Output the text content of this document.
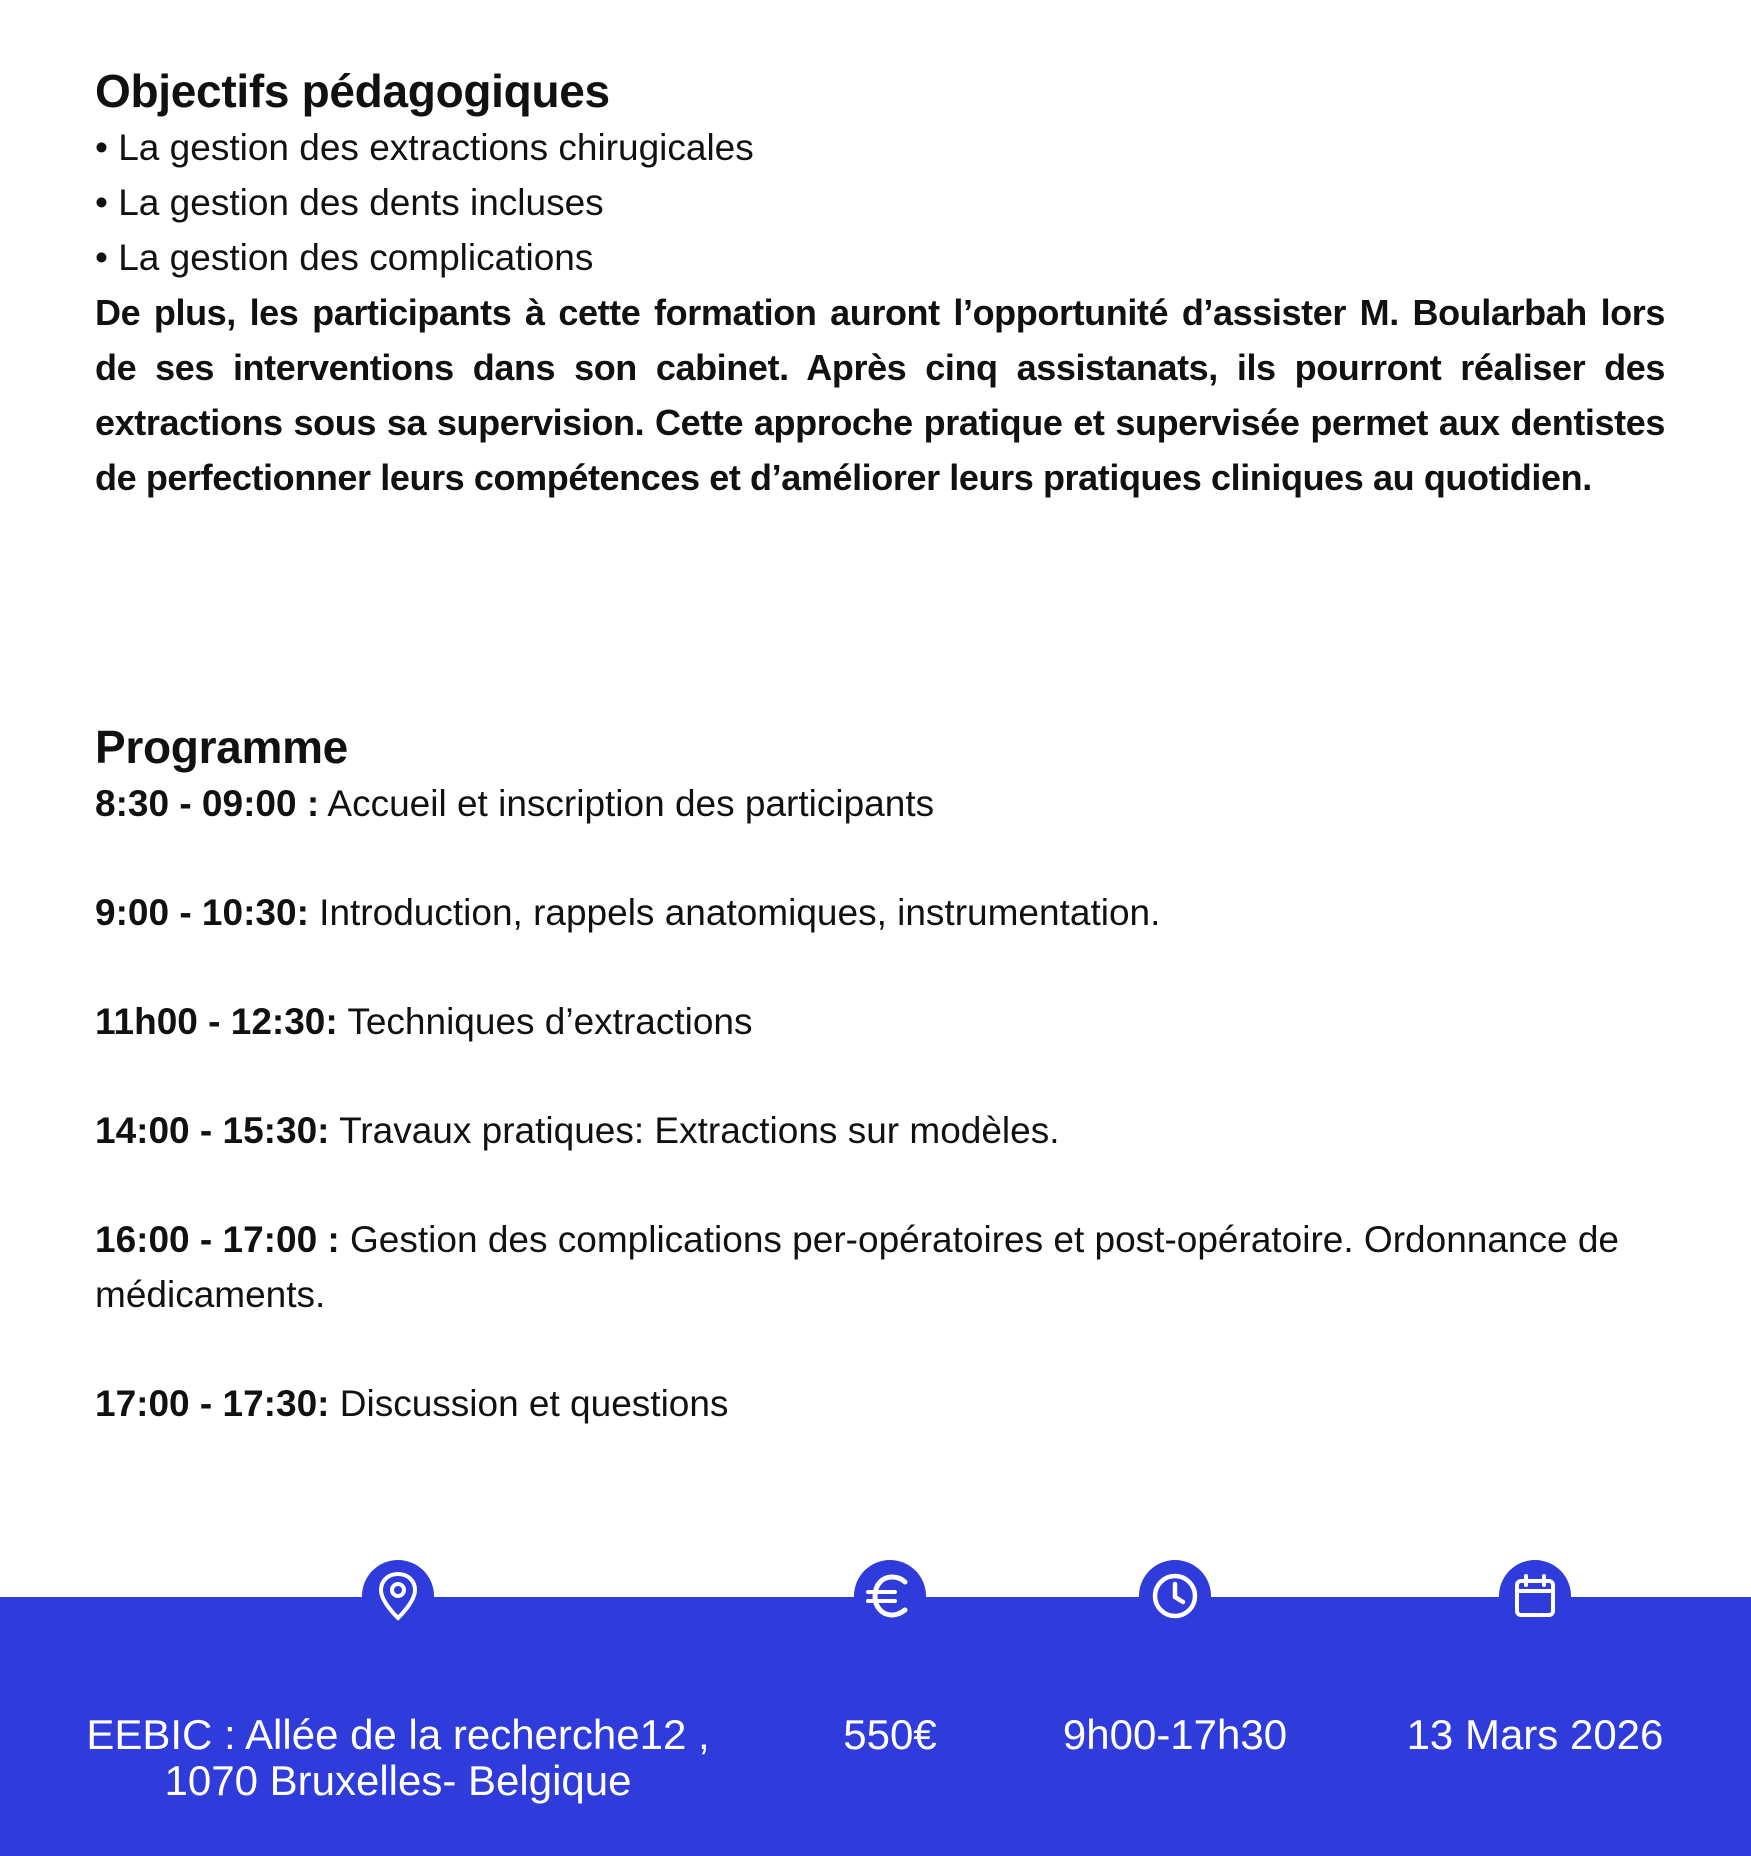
Objectifs pédagogiques

• La gestion des extractions chirugicales

• La gestion des dents incluses

• La gestion des complications

De plus, les participants à cette formation auront l’opportunité d’assister M. Boularbah lors de ses interventions dans son cabinet. Après cinq assistanats, ils pourront réaliser des extractions sous sa supervision. Cette approche pratique et supervisée permet aux dentistes de perfectionner leurs compétences et d’améliorer leurs pratiques cliniques au quotidien.

Programme

8:30 - 09:00 : Accueil et inscription des participants

9:00 - 10:30: Introduction, rappels anatomiques, instrumentation.

11h00 - 12:30: Techniques d’extractions

14:00 - 15:30: Travaux pratiques: Extractions sur modèles.

16:00 - 17:00 : Gestion des complications per-opératoires et post-opératoire. Ordonnance de médicaments.

17:00 - 17:30: Discussion et questions

EEBIC : Allée de la recherche12 ,
1070 Bruxelles- Belgique
550€	9h00-17h30	13 Mars 2026
